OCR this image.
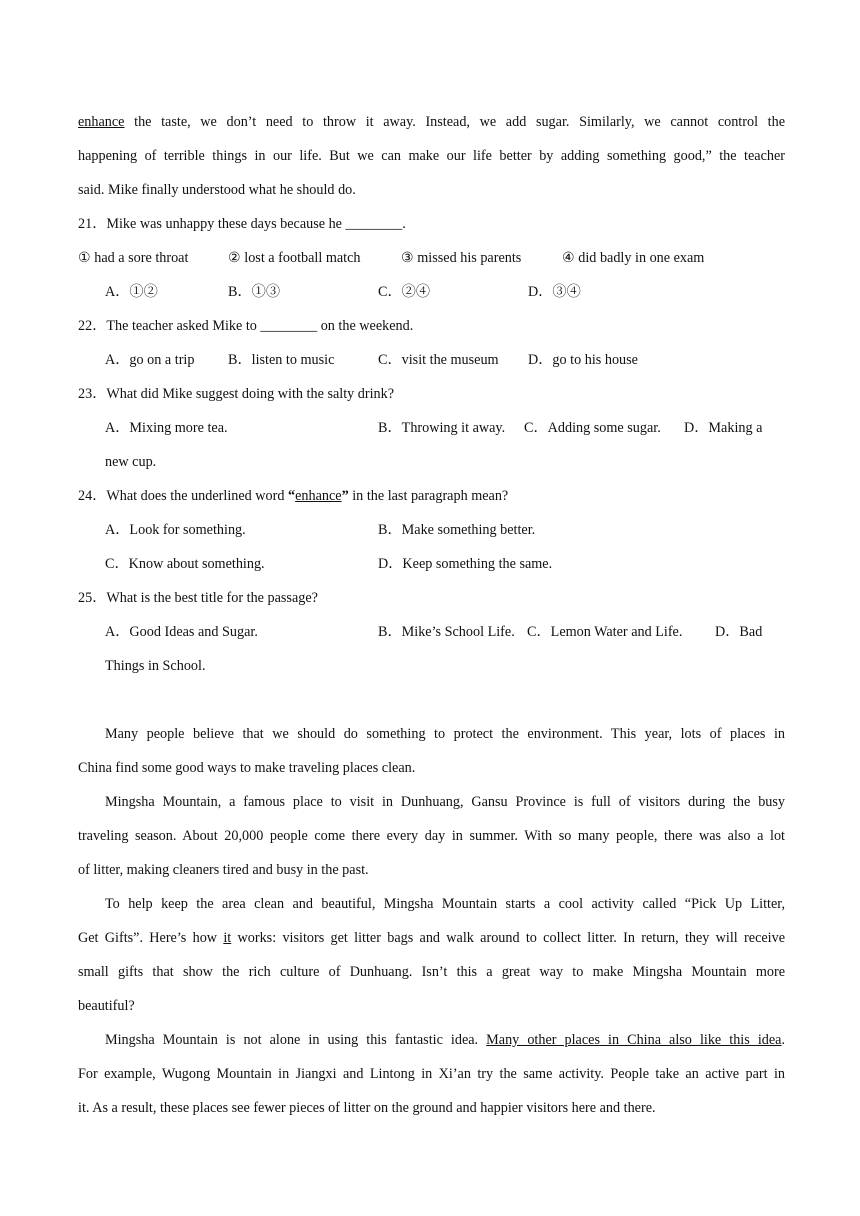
enhance the taste, we don’t need to throw it away. Instead, we add sugar. Similarly, we cannot control the
happening of terrible things in our life. But we can make our life better by adding something good,” the teacher
said. Mike finally understood what he should do.
21．Mike was unhappy these days because he ________.
① had a sore throat	② lost a football match	③ missed his parents	④ did badly in one exam
A．①②	B．①③	C．②④	D．③④
22．The teacher asked Mike to ________ on the weekend.
A．go on a trip B．listen to music	C．visit the museum D．go to his house
23．What did Mike suggest doing with the salty drink?
A．Mixing more tea.	B．Throwing it away. C．Adding some sugar. D．Making a
new cup.
24．What does the underlined word “enhance” in the last paragraph mean?
A．Look for something.	B．Make something better.
C．Know about something.	D．Keep something the same.
25．What is the best title for the passage?
A．Good Ideas and Sugar.	B．Mike’s School Life. C．Lemon Water and Life. D．Bad
Things in School.
Many people believe that we should do something to protect the environment. This year, lots of places in
China find some good ways to make traveling places clean.
Mingsha Mountain, a famous place to visit in Dunhuang, Gansu Province is full of visitors during the busy
traveling season. About 20,000 people come there every day in summer. With so many people, there was also a lot
of litter, making cleaners tired and busy in the past.
To help keep the area clean and beautiful, Mingsha Mountain starts a cool activity called “Pick Up Litter,
Get Gifts”. Here’s how it works: visitors get litter bags and walk around to collect litter. In return, they will receive
small gifts that show the rich culture of Dunhuang. Isn’t this a great way to make Mingsha Mountain more
beautiful?
Mingsha Mountain is not alone in using this fantastic idea. Many other places in China also like this idea.
For example, Wugong Mountain in Jiangxi and Lintong in Xi’an try the same activity. People take an active part in
it. As a result, these places see fewer pieces of litter on the ground and happier visitors here and there.
